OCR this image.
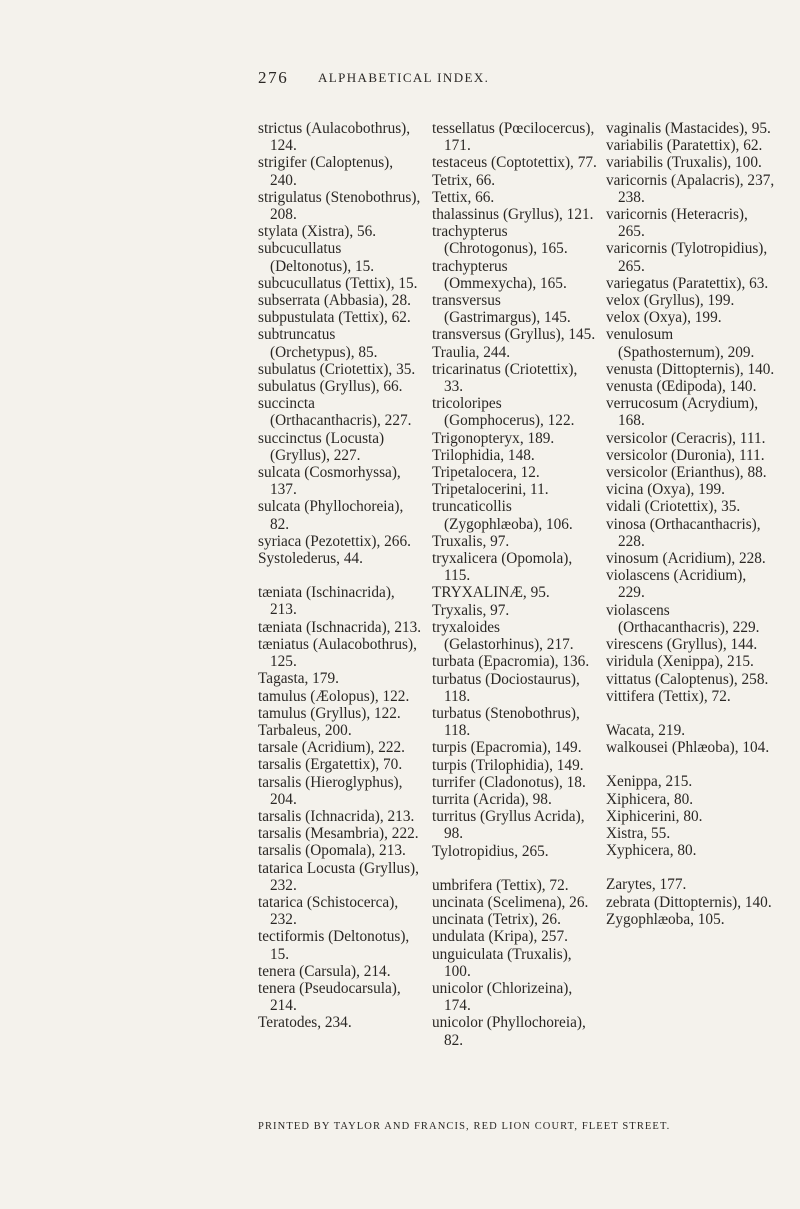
276 ALPHABETICAL INDEX.

strictus (Aulacobothrus), 124.

strigifer (Caloptenus), 240.

strigulatus (Stenobothrus), 208.

stylata (Xistra), 56.

subcucullatus (Deltonotus), 15.

subcucullatus (Tettix), 15.

subserrata (Abbasia), 28.

subpustulata (Tettix), 62.

subtruncatus (Orchetypus), 85.

subulatus (Criotettix), 35.

subulatus (Gryllus), 66.

succincta (Orthacanthacris), 227.

succinctus (Locusta) (Gryllus), 227.

sulcata (Cosmorhyssa), 137.

sulcata (Phyllochoreia), 82.

syriaca (Pezotettix), 266.

Systolederus, 44.

tæniata (Ischinacrida), 213.

tæniata (Ischnacrida), 213.

tæniatus (Aulacobothrus), 125.

Tagasta, 179.

tamulus (Æolopus), 122.

tamulus (Gryllus), 122.

Tarbaleus, 200.

tarsale (Acridium), 222.

tarsalis (Ergatettix), 70.

tarsalis (Hieroglyphus), 204.

tarsalis (Ichnacrida), 213.

tarsalis (Mesambria), 222.

tarsalis (Opomala), 213.

tatarica Locusta (Gryllus), 232.

tatarica (Schistocerca), 232.

tectiformis (Deltonotus), 15.

tenera (Carsula), 214.

tenera (Pseudocarsula), 214.

Teratodes, 234.

tessellatus (Pœcilocercus), 171.

testaceus (Coptotettix), 77.

Tetrix, 66.

Tettix, 66.

thalassinus (Gryllus), 121.

trachypterus (Chrotogonus), 165.

trachypterus (Ommexycha), 165.

transversus (Gastrimargus), 145.

transversus (Gryllus), 145.

Traulia, 244.

tricarinatus (Criotettix), 33.

tricoloripes (Gomphocerus), 122.

Trigonopteryx, 189.

Trilophidia, 148.

Tripetalocera, 12.

Tripetalocerini, 11.

truncaticollis (Zygophlæoba), 106.

Truxalis, 97.

tryxalicera (Opomola), 115.

TRYXALINÆ, 95.

Tryxalis, 97.

tryxaloides (Gelastorhinus), 217.

turbata (Epacromia), 136.

turbatus (Dociostaurus), 118.

turbatus (Stenobothrus), 118.

turpis (Epacromia), 149.

turpis (Trilophidia), 149.

turrifer (Cladonotus), 18.

turrita (Acrida), 98.

turritus (Gryllus Acrida), 98.

Tylotropidius, 265.

umbrifera (Tettix), 72.

uncinata (Scelimena), 26.

uncinata (Tetrix), 26.

undulata (Kripa), 257.

unguiculata (Truxalis), 100.

unicolor (Chlorizeina), 174.

unicolor (Phyllochoreia), 82.

vaginalis (Mastacides), 95.

variabilis (Paratettix), 62.

variabilis (Truxalis), 100.

varicornis (Apalacris), 237, 238.

varicornis (Heteracris), 265.

varicornis (Tylotropidius), 265.

variegatus (Paratettix), 63.

velox (Gryllus), 199.

velox (Oxya), 199.

venulosum (Spathosternum), 209.

venusta (Dittopternis), 140.

venusta (Œdipoda), 140.

verrucosum (Acrydium), 168.

versicolor (Ceracris), 111.

versicolor (Duronia), 111.

versicolor (Erianthus), 88.

vicina (Oxya), 199.

vidali (Criotettix), 35.

vinosa (Orthacanthacris), 228.

vinosum (Acridium), 228.

violascens (Acridium), 229.

violascens (Orthacanthacris), 229.

virescens (Gryllus), 144.

viridula (Xenippa), 215.

vittatus (Caloptenus), 258.

vittifera (Tettix), 72.

Wacata, 219.

walkousei (Phlæoba), 104.

Xenippa, 215.

Xiphicera, 80.

Xiphicerini, 80.

Xistra, 55.

Xyphicera, 80.

Zarytes, 177.

zebrata (Dittopternis), 140.

Zygophlæoba, 105.

PRINTED BY TAYLOR AND FRANCIS, RED LION COURT, FLEET STREET.
